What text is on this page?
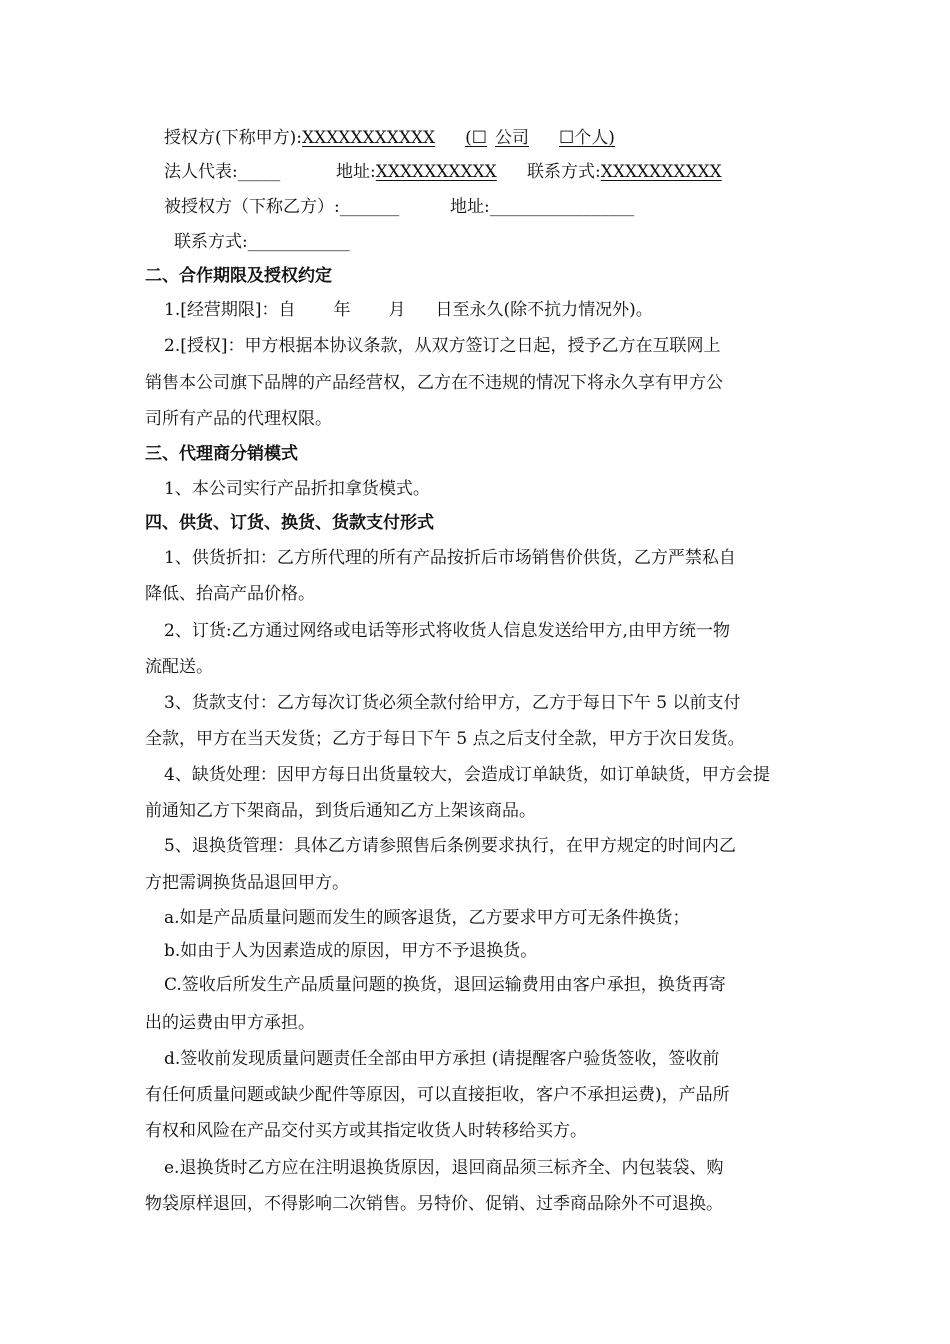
授权方(下称甲方):XXXXXXXXXXX (☐ 公司 ☐个人)
法人代表:_____	地址:XXXXXXXXXX 联系方式:XXXXXXXXXX
被授权方（下称乙方）:_______	地址:_________________
联系方式:____________
二、合作期限及授权约定
1.[经营期限]：自 年 月 日至永久(除不抗力情况外)。
2.[授权]：甲方根据本协议条款，从双方签订之日起，授予乙方在互联网上
销售本公司旗下品牌的产品经营权，乙方在不违规的情况下将永久享有甲方公
司所有产品的代理权限。
三、代理商分销模式
1、本公司实行产品折扣拿货模式。
四、供货、订货、换货、货款支付形式
1、供货折扣：乙方所代理的所有产品按折后市场销售价供货，乙方严禁私自
降低、抬高产品价格。
2、订货:乙方通过网络或电话等形式将收货人信息发送给甲方,由甲方统一物
流配送。
3、货款支付：乙方每次订货必须全款付给甲方，乙方于每日下午 5 以前支付
全款，甲方在当天发货；乙方于每日下午 5 点之后支付全款，甲方于次日发货。
4、缺货处理：因甲方每日出货量较大，会造成订单缺货，如订单缺货，甲方会提
前通知乙方下架商品，到货后通知乙方上架该商品。
5、退换货管理：具体乙方请参照售后条例要求执行，在甲方规定的时间内乙
方把需调换货品退回甲方。
a.如是产品质量问题而发生的顾客退货，乙方要求甲方可无条件换货；
b.如由于人为因素造成的原因，甲方不予退换货。
C.签收后所发生产品质量问题的换货，退回运输费用由客户承担，换货再寄
出的运费由甲方承担。
d.签收前发现质量问题责任全部由甲方承担 (请提醒客户验货签收，签收前
有任何质量问题或缺少配件等原因，可以直接拒收，客户不承担运费)，产品所
有权和风险在产品交付买方或其指定收货人时转移给买方。
e.退换货时乙方应在注明退换货原因，退回商品须三标齐全、内包装袋、购
物袋原样退回，不得影响二次销售。另特价、促销、过季商品除外不可退换。
